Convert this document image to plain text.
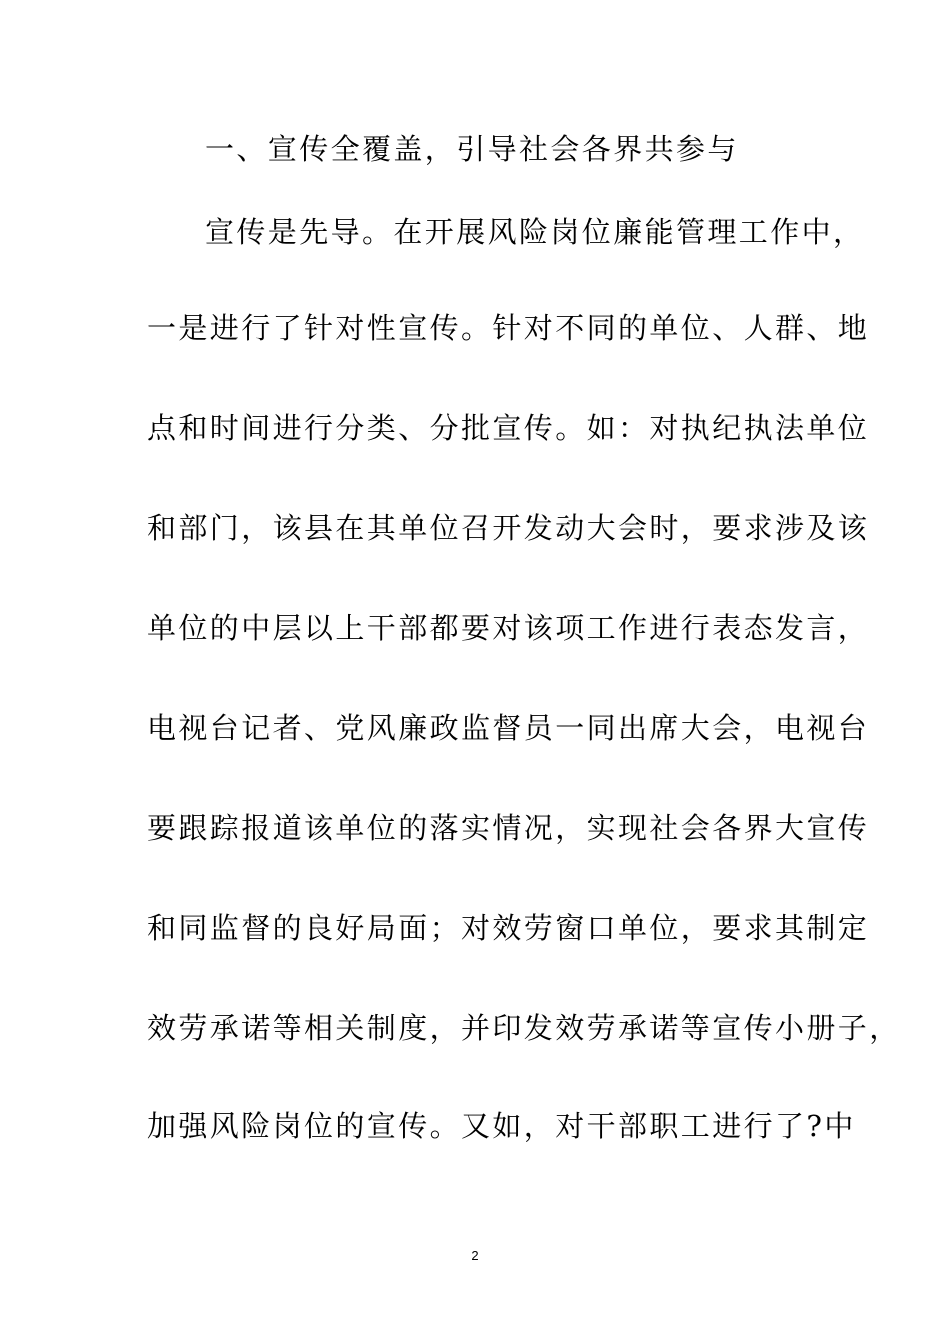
一、宣传全覆盖，引导社会各界共参与
宣传是先导。在开展风险岗位廉能管理工作中，
一是进行了针对性宣传。针对不同的单位、人群、地
点和时间进行分类、分批宣传。如：对执纪执法单位
和部门，该县在其单位召开发动大会时，要求涉及该
单位的中层以上干部都要对该项工作进行表态发言，
电视台记者、党风廉政监督员一同出席大会，电视台
要跟踪报道该单位的落实情况，实现社会各界大宣传
和同监督的良好局面；对效劳窗口单位，要求其制定
效劳承诺等相关制度，并印发效劳承诺等宣传小册子，
加强风险岗位的宣传。又如，对干部职工进行了?中
2
